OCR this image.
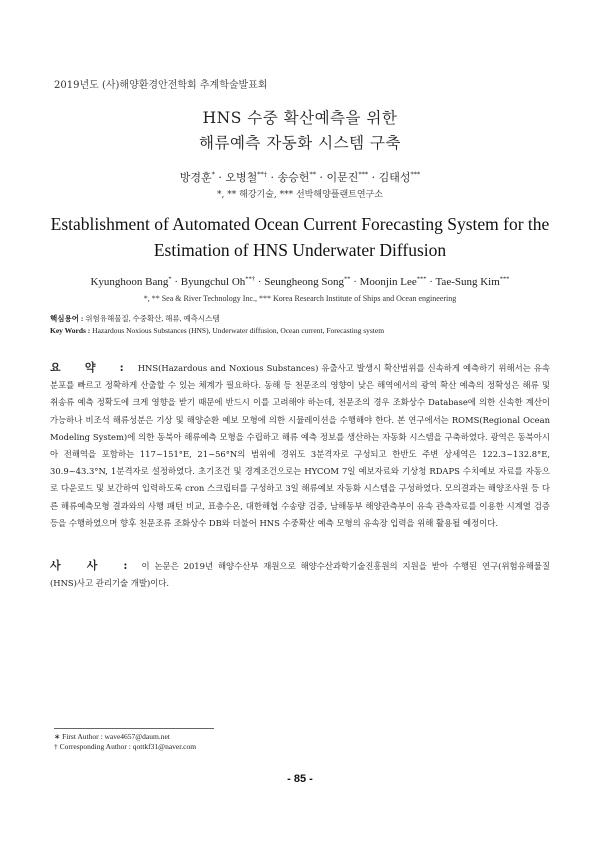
2019년도 (사)해양환경안전학회 추계학술발표회
HNS 수중 확산예측을 위한
해류예측 자동화 시스템 구축
방경훈* · 오병철**† · 송승헌** · 이문진*** · 김태성***
*, ** 해강기술, *** 선박해양플랜트연구소
Establishment of Automated Ocean Current Forecasting System for the
Estimation of HNS Underwater Diffusion
Kyunghoon Bang* · Byungchul Oh**† · Seungheong Song** · Moonjin Lee*** · Tae-Sung Kim***
*, ** Sea & River Technology Inc., *** Korea Research Institute of Ships and Ocean engineering
핵심용어 : 위험유해물질, 수중확산, 해류, 예측시스템
Key Words : Hazardous Noxious Substances (HNS), Underwater diffusion, Ocean current, Forecasting system
요 약 : HNS(Hazardous and Noxious Substances) 유출사고 발생시 확산범위를 신속하게 예측하기 위해서는 유속분포를 빠르고 정확하게 산출할 수 있는 체계가 필요하다. 동해 등 천문조의 영향이 낮은 해역에서의 광역 확산 예측의 정확성은 해류 및 취송류 예측 정확도에 크게 영향을 받기 때문에 반드시 이를 고려해야 하는데, 천문조의 경우 조화상수 Database에 의한 신속한 계산이 가능하나 비조석 해류성분은 기상 및 해양순환 예보 모형에 의한 시뮬레이션을 수행해야 한다. 본 연구에서는 ROMS(Regional Ocean Modeling System)에 의한 동북아 해류예측 모형을 수립하고 해류 예측 정보를 생산하는 자동화 시스템을 구축하였다. 광역은 동북아시아 전해역을 포함하는 117~151°E, 21~56°N의 범위에 경위도 3분격자로 구성되고 한반도 주변 상세역은 122.3~132.8°E, 30.9~43.3°N, 1분격자로 설정하였다. 초기조건 및 경계조건으로는 HYCOM 7일 예보자료와 기상청 RDAPS 수치예보 자료를 자동으로 다운로드 및 보간하여 입력하도록 cron 스크립터를 구성하고 3일 해류예보 자동화 시스템을 구성하였다. 모의결과는 해양조사원 등 다른 해류예측모형 결과와의 사행 패턴 비교, 표층수온, 대한해협 수송량 검증, 남해동부 해양관측부이 유속 관측자료를 이용한 시계열 검증 등을 수행하였으며 향후 천문조류 조화상수 DB와 더불어 HNS 수중확산 예측 모형의 유속장 입력을 위해 활용될 예정이다.
사 사 : 이 논문은 2019년 해양수산부 재원으로 해양수산과학기술진흥원의 지원을 받아 수행된 연구(위험유해물질(HNS)사고 관리기술 개발)이다.
∗ First Author : wave4657@daum.net
† Corresponding Author : qottkf31@naver.com
- 85 -
